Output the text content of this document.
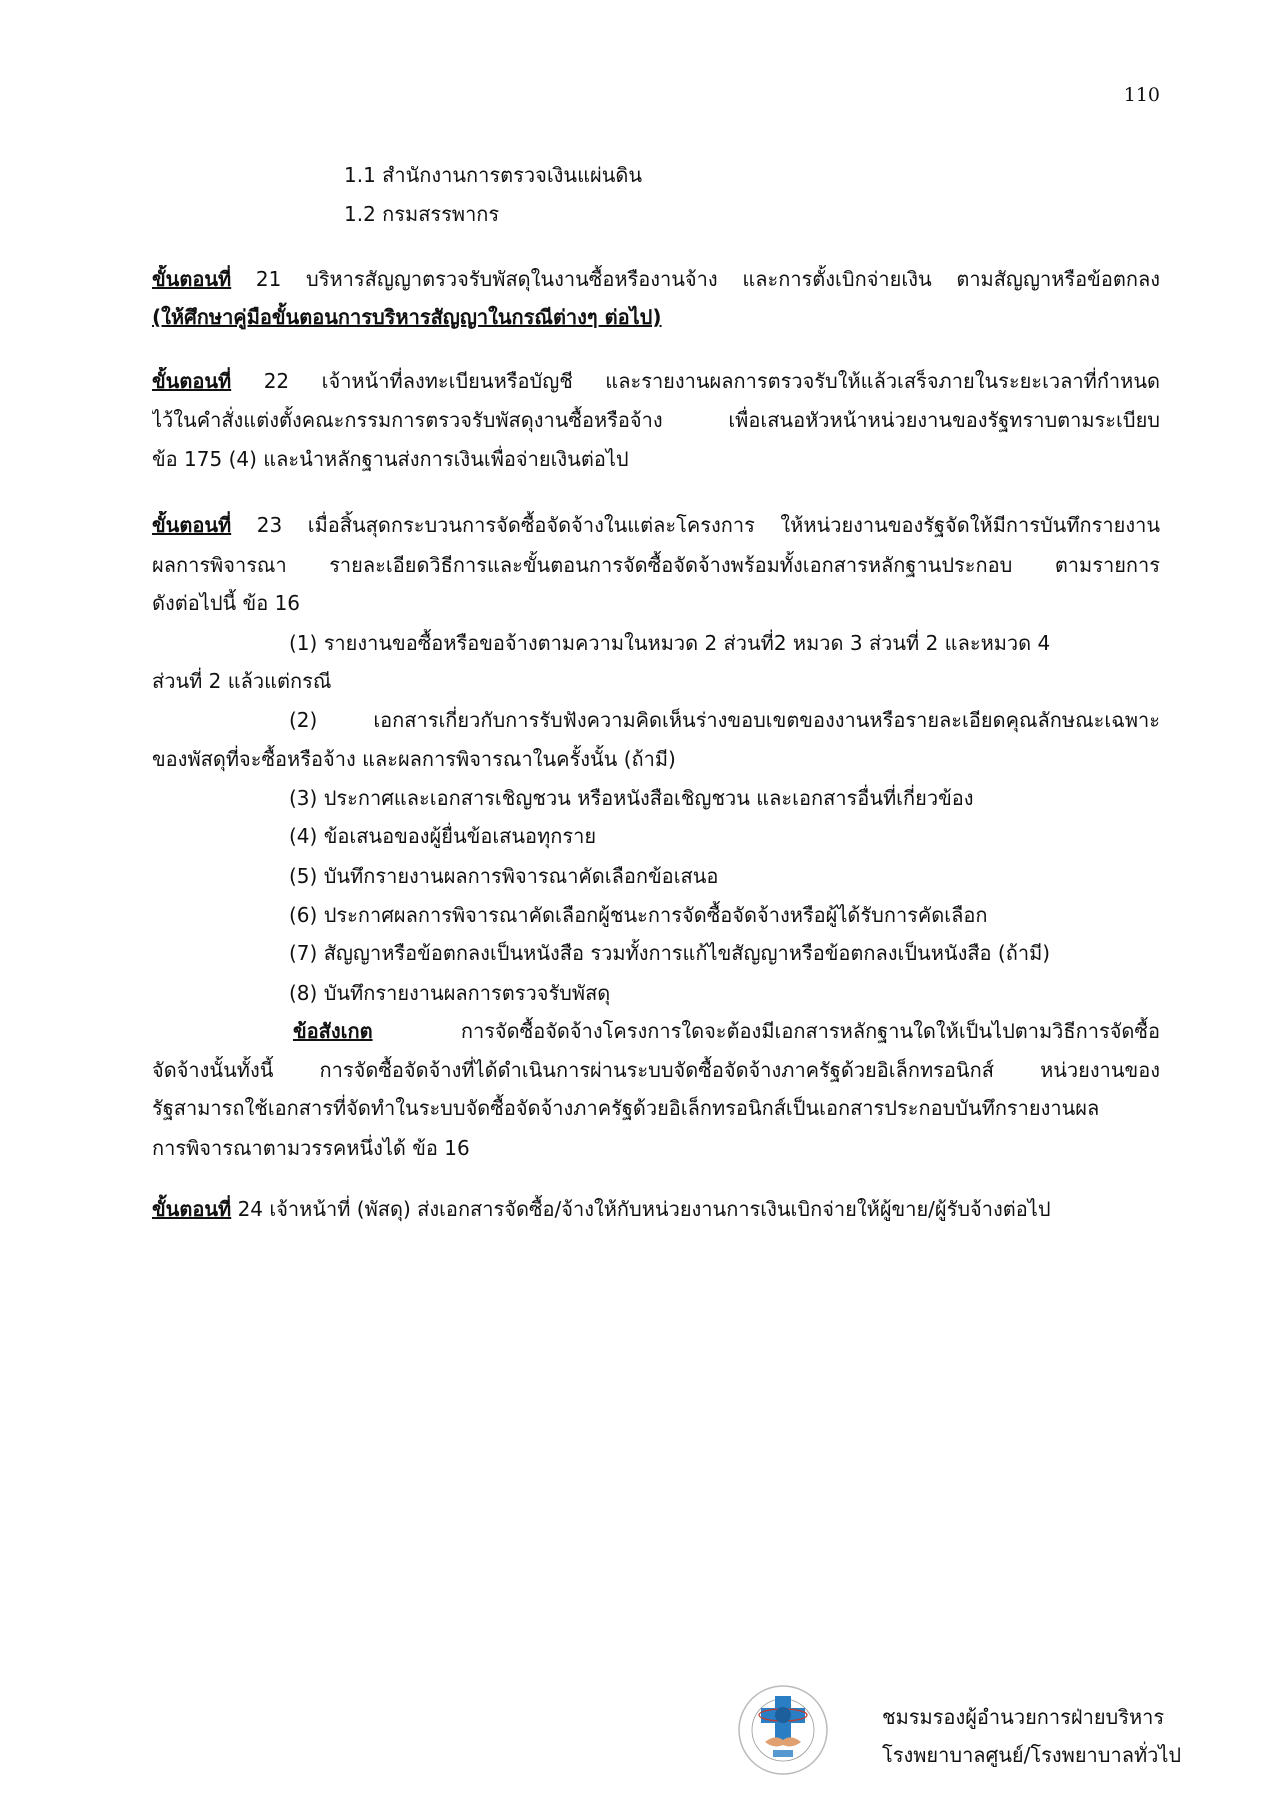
110
1.1 สำนักงานการตรวจเงินแผ่นดิน
1.2 กรมสรรพากร
ขั้นตอนที่ 21 บริหารสัญญาตรวจรับพัสดุในงานซื้อหรืองานจ้าง และการตั้งเบิกจ่ายเงิน ตามสัญญาหรือข้อตกลง
(ให้ศึกษาคู่มือขั้นตอนการบริหารสัญญาในกรณีต่างๆ ต่อไป)
ขั้นตอนที่ 22 เจ้าหน้าที่ลงทะเบียนหรือบัญชี และรายงานผลการตรวจรับให้แล้วเสร็จภายในระยะเวลาที่กำหนด
ไว้ในคำสั่งแต่งตั้งคณะกรรมการตรวจรับพัสดุงานซื้อหรือจ้าง เพื่อเสนอหัวหน้าหน่วยงานของรัฐทราบตามระเบียบ
ข้อ 175 (4) และนำหลักฐานส่งการเงินเพื่อจ่ายเงินต่อไป
ขั้นตอนที่ 23 เมื่อสิ้นสุดกระบวนการจัดซื้อจัดจ้างในแต่ละโครงการ ให้หน่วยงานของรัฐจัดให้มีการบันทึกรายงาน
ผลการพิจารณา รายละเอียดวิธีการและขั้นตอนการจัดซื้อจัดจ้างพร้อมทั้งเอกสารหลักฐานประกอบ ตามรายการ
ดังต่อไปนี้ ข้อ 16
(1) รายงานขอซื้อหรือขอจ้างตามความในหมวด 2 ส่วนที่2 หมวด 3 ส่วนที่ 2 และหมวด 4
ส่วนที่ 2 แล้วแต่กรณี
(2) เอกสารเกี่ยวกับการรับฟังความคิดเห็นร่างขอบเขตของงานหรือรายละเอียดคุณลักษณะเฉพาะ
ของพัสดุที่จะซื้อหรือจ้าง และผลการพิจารณาในครั้งนั้น (ถ้ามี)
(3) ประกาศและเอกสารเชิญชวน หรือหนังสือเชิญชวน และเอกสารอื่นที่เกี่ยวข้อง
(4) ข้อเสนอของผู้ยื่นข้อเสนอทุกราย
(5) บันทึกรายงานผลการพิจารณาคัดเลือกข้อเสนอ
(6) ประกาศผลการพิจารณาคัดเลือกผู้ชนะการจัดซื้อจัดจ้างหรือผู้ได้รับการคัดเลือก
(7) สัญญาหรือข้อตกลงเป็นหนังสือ รวมทั้งการแก้ไขสัญญาหรือข้อตกลงเป็นหนังสือ (ถ้ามี)
(8) บันทึกรายงานผลการตรวจรับพัสดุ
ข้อสังเกต	การจัดซื้อจัดจ้างโครงการใดจะต้องมีเอกสารหลักฐานใดให้เป็นไปตามวิธีการจัดซื้อ
จัดจ้างนั้นทั้งนี้ การจัดซื้อจัดจ้างที่ได้ดำเนินการผ่านระบบจัดซื้อจัดจ้างภาครัฐด้วยอิเล็กทรอนิกส์ หน่วยงานของ
รัฐสามารถใช้เอกสารที่จัดทำในระบบจัดซื้อจัดจ้างภาครัฐด้วยอิเล็กทรอนิกส์เป็นเอกสารประกอบบันทึกรายงานผล
การพิจารณาตามวรรคหนึ่งได้ ข้อ 16
ขั้นตอนที่ 24 เจ้าหน้าที่ (พัสดุ) ส่งเอกสารจัดซื้อ/จ้างให้กับหน่วยงานการเงินเบิกจ่ายให้ผู้ขาย/ผู้รับจ้างต่อไป
ชมรมรองผู้อำนวยการฝ่ายบริหาร
โรงพยาบาลศูนย์/โรงพยาบาลทั่วไป
